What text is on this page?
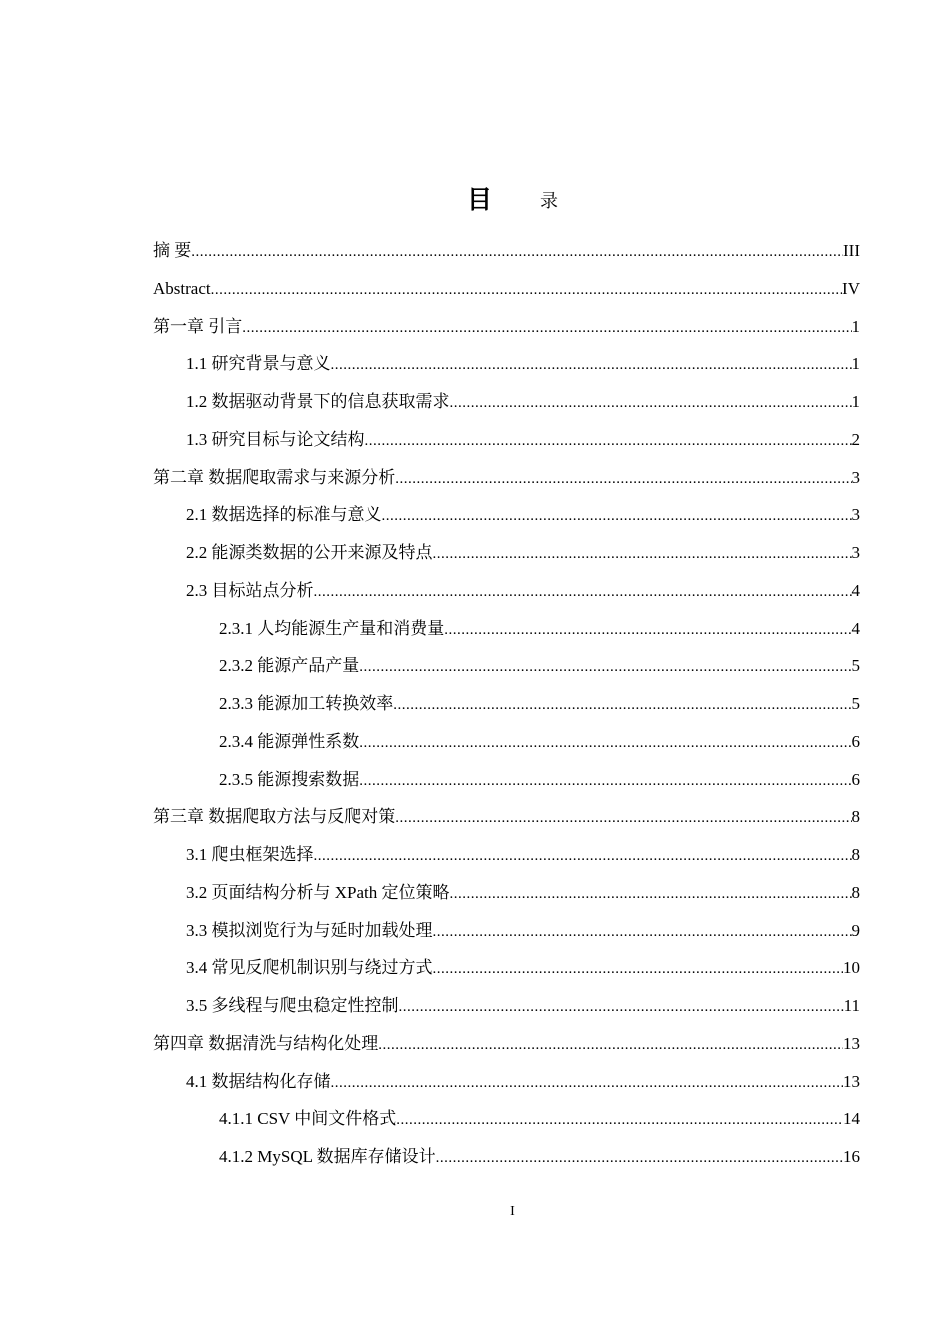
目	录
摘 要 .....	III
Abstract .....	IV
第一章 引言 .....	1
1.1 研究背景与意义 .....	1
1.2 数据驱动背景下的信息获取需求 .....	1
1.3 研究目标与论文结构 .....	2
第二章 数据爬取需求与来源分析 .....	3
2.1 数据选择的标准与意义 .....	3
2.2 能源类数据的公开来源及特点 .....	3
2.3 目标站点分析 .....	4
2.3.1 人均能源生产量和消费量 .....	4
2.3.2 能源产品产量 .....	5
2.3.3 能源加工转换效率 .....	5
2.3.4 能源弹性系数 .....	6
2.3.5 能源搜索数据 .....	6
第三章 数据爬取方法与反爬对策 .....	8
3.1 爬虫框架选择 .....	8
3.2 页面结构分析与 XPath 定位策略 .....	8
3.3 模拟浏览行为与延时加载处理 .....	9
3.4 常见反爬机制识别与绕过方式 .....	10
3.5 多线程与爬虫稳定性控制 .....	11
第四章 数据清洗与结构化处理 .....	13
4.1 数据结构化存储 .....	13
4.1.1 CSV 中间文件格式 .....	14
4.1.2 MySQL 数据库存储设计 .....	16
I
